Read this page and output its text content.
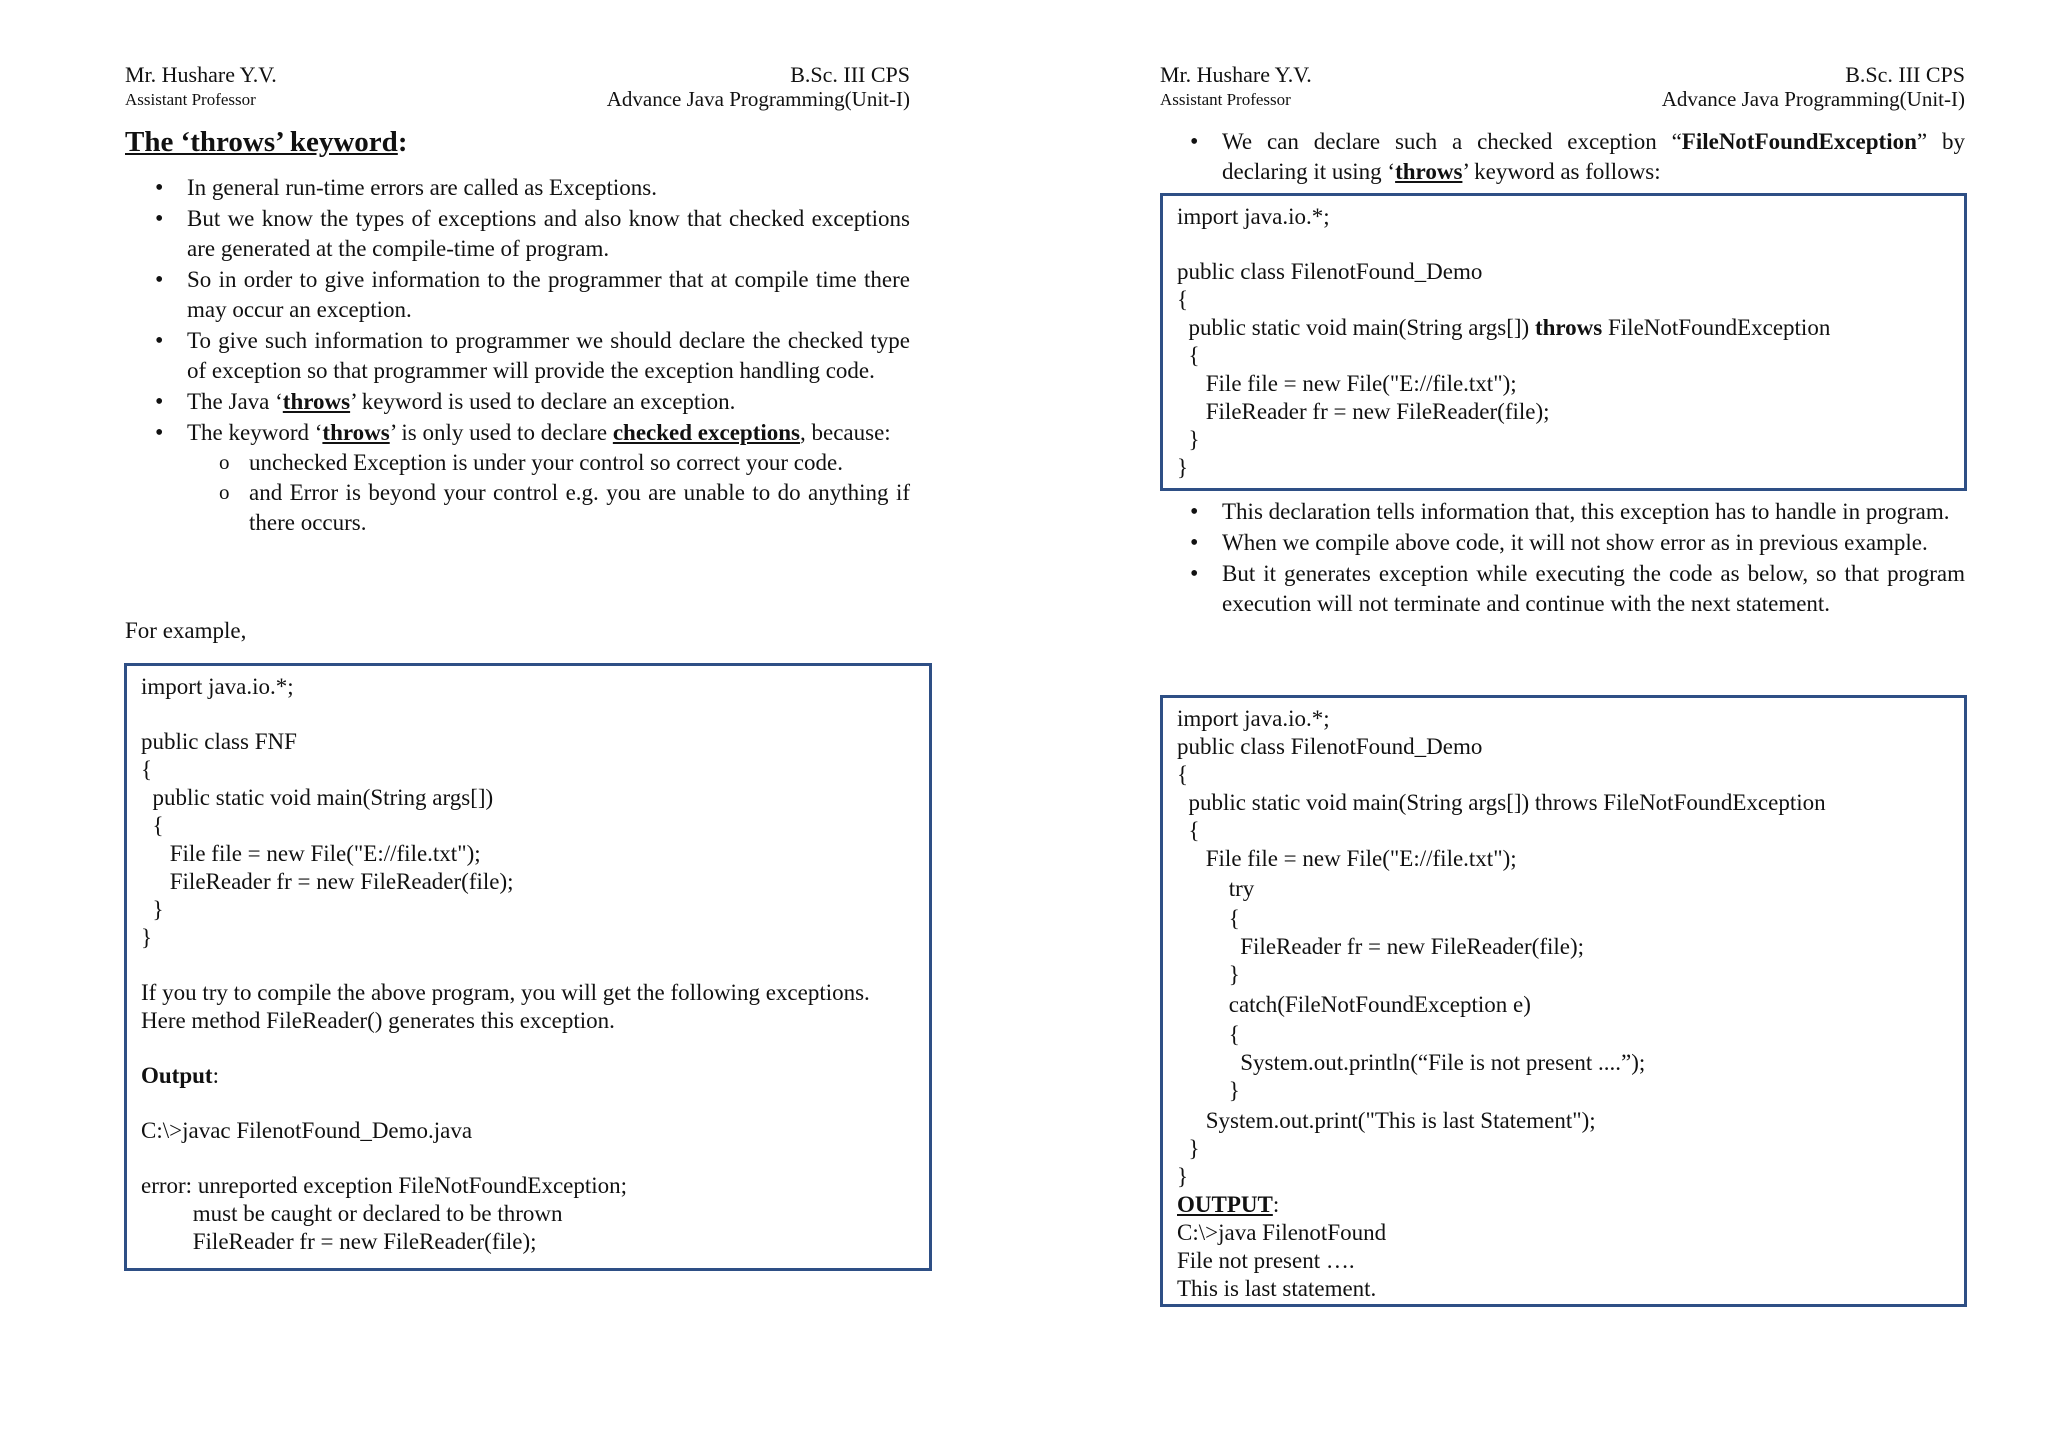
Mr. Hushare Y.V.
Assistant Professor
B.Sc. III CPS
Advance Java Programming(Unit-I)
The ‘throws’ keyword:
• In general run-time errors are called as Exceptions.
• But we know the types of exceptions and also know that checked exceptions are generated at the compile-time of program.
• So in order to give information to the programmer that at compile time there may occur an exception.
• To give such information to programmer we should declare the checked type of exception so that programmer will provide the exception handling code.
• The Java ‘throws’ keyword is used to declare an exception.
• The keyword ‘throws’ is only used to declare checked exceptions, because:
o unchecked Exception is under your control so correct your code.
o and Error is beyond your control e.g. you are unable to do anything if there occurs.
For example,
import java.io.*;
public class FNF
{
public static void main(String args[])
{
File file = new File("E://file.txt");
FileReader fr = new FileReader(file);
}
}
If you try to compile the above program, you will get the following exceptions.
Here method FileReader() generates this exception.
Output:
C:\>javac FilenotFound_Demo.java
error: unreported exception FileNotFoundException;
must be caught or declared to be thrown
FileReader fr = new FileReader(file);
Mr. Hushare Y.V.
Assistant Professor
B.Sc. III CPS
Advance Java Programming(Unit-I)
• We can declare such a checked exception “FileNotFoundException” by declaring it using ‘throws’ keyword as follows:
import java.io.*;
public class FilenotFound_Demo
{
public static void main(String args[]) throws FileNotFoundException
{
File file = new File("E://file.txt");
FileReader fr = new FileReader(file);
}
}
• This declaration tells information that, this exception has to handle in program.
• When we compile above code, it will not show error as in previous example.
• But it generates exception while executing the code as below, so that program execution will not terminate and continue with the next statement.
import java.io.*;
public class FilenotFound_Demo
{
public static void main(String args[]) throws FileNotFoundException
{
File file = new File("E://file.txt");
try
{
FileReader fr = new FileReader(file);
}
catch(FileNotFoundException e)
{
System.out.println(“File is not present ....”);
}
System.out.print("This is last Statement");
}
}
OUTPUT:
C:\>java FilenotFound
File not present ….
This is last statement.
